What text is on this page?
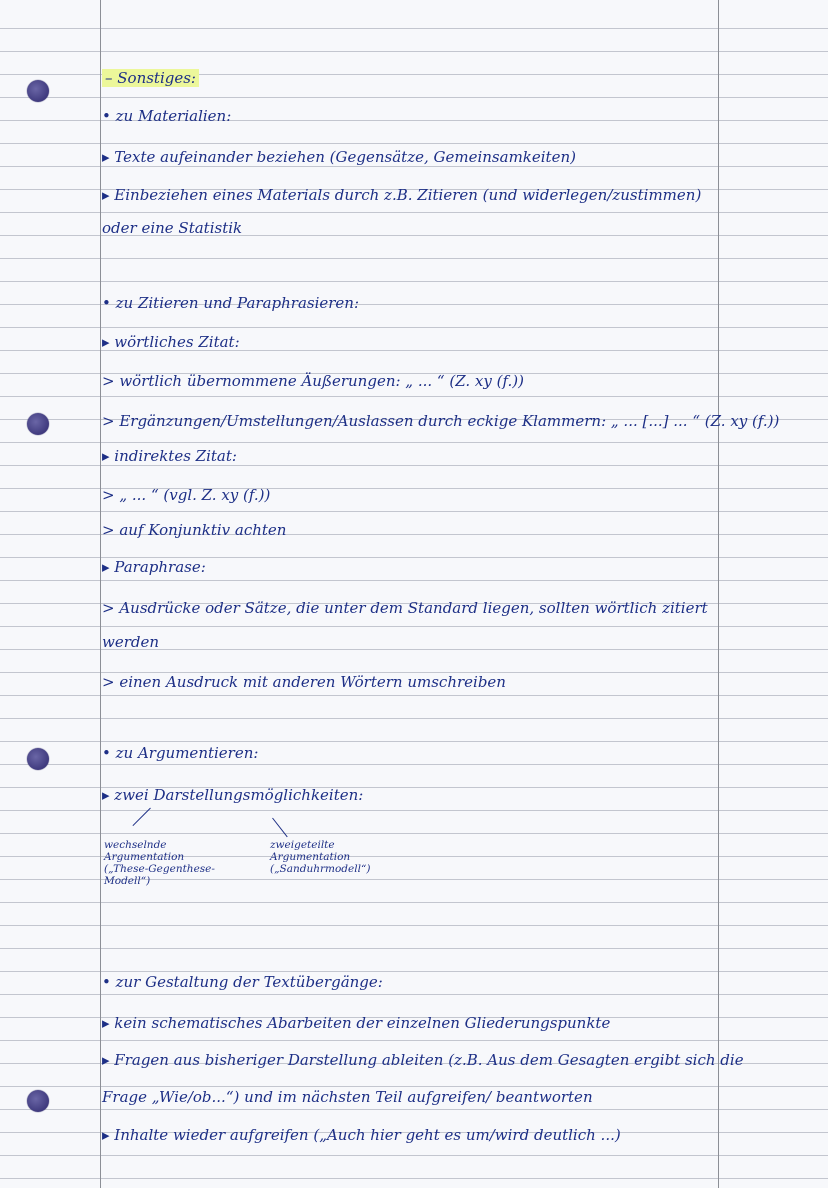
– Sonstiges:
• zu Materialien:
▸ Texte aufeinander beziehen (Gegensätze, Gemeinsamkeiten)
▸ Einbeziehen eines Materials durch z.B. Zitieren (und widerlegen/zustimmen)
oder eine Statistik
• zu Zitieren und Paraphrasieren:
▸ wörtliches Zitat:
> wörtlich übernommene Äußerungen: „ ... “ (Z. xy (f.))
> Ergänzungen/Umstellungen/Auslassen durch eckige Klammern: „ ... [...] ... “ (Z. xy (f.))
▸ indirektes Zitat:
> „ ... “ (vgl. Z. xy (f.))
> auf Konjunktiv achten
▸ Paraphrase:
> Ausdrücke oder Sätze, die unter dem Standard liegen, sollten wörtlich zitiert
werden
> einen Ausdruck mit anderen Wörtern umschreiben
• zu Argumentieren:
▸ zwei Darstellungsmöglichkeiten:
wechselnde
Argumentation
(„These-Gegenthese-
Modell“)
zweigeteilte
Argumentation
(„Sanduhrmodell“)
• zur Gestaltung der Textübergänge:
▸ kein schematisches Abarbeiten der einzelnen Gliederungspunkte
▸ Fragen aus bisheriger Darstellung ableiten (z.B. Aus dem Gesagten ergibt sich die
Frage „Wie/ob...“) und im nächsten Teil aufgreifen/ beantworten
▸ Inhalte wieder aufgreifen („Auch hier geht es um/wird deutlich ...)
